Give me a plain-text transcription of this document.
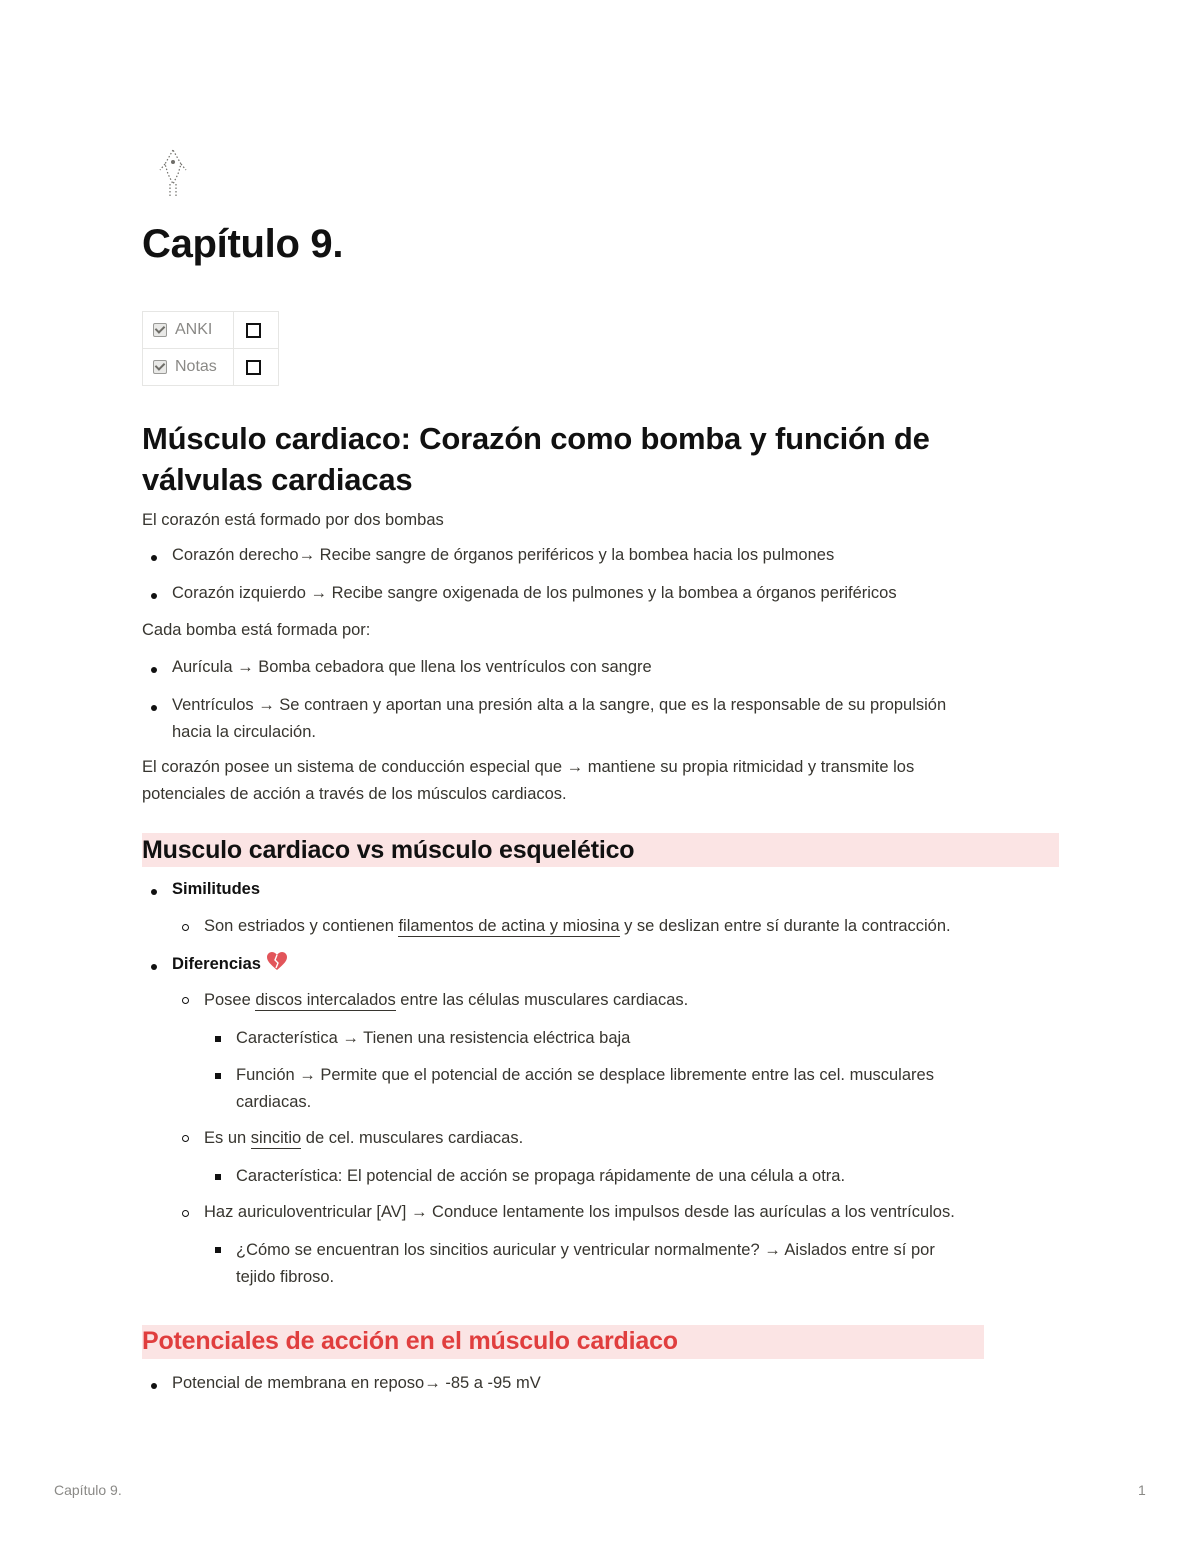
Capítulo 9.
ANKI	

Notas	

Músculo cardiaco: Corazón como bomba y función de válvulas cardiacas
El corazón está formado por dos bombas
Corazón derecho→ Recibe sangre de órganos periféricos y la bombea hacia los pulmones
Corazón izquierdo → Recibe sangre oxigenada de los pulmones y la bombea a órganos periféricos
Cada bomba está formada por:
Aurícula → Bomba cebadora que llena los ventrículos con sangre
Ventrículos → Se contraen y aportan una presión alta a la sangre, que es la responsable de su propulsión
hacia la circulación.
El corazón posee un sistema de conducción especial que → mantiene su propia ritmicidad y transmite los
potenciales de acción a través de los músculos cardiacos.
Musculo cardiaco vs músculo esquelético
Similitudes
Son estriados y contienen filamentos de actina y miosina y se deslizan entre sí durante la contracción.
Diferencias
Posee discos intercalados entre las células musculares cardiacas.
Característica → Tienen una resistencia eléctrica baja
Función → Permite que el potencial de acción se desplace libremente entre las cel. musculares
cardiacas.
Es un sincitio de cel. musculares cardiacas.
Característica: El potencial de acción se propaga rápidamente de una célula a otra.
Haz auriculoventricular [AV] → Conduce lentamente los impulsos desde las aurículas a los ventrículos.
¿Cómo se encuentran los sincitios auricular y ventricular normalmente? → Aislados entre sí por
tejido fibroso.
Potenciales de acción en el músculo cardiaco
Potencial de membrana en reposo→ -85 a -95 mV
Capítulo 9.	1
